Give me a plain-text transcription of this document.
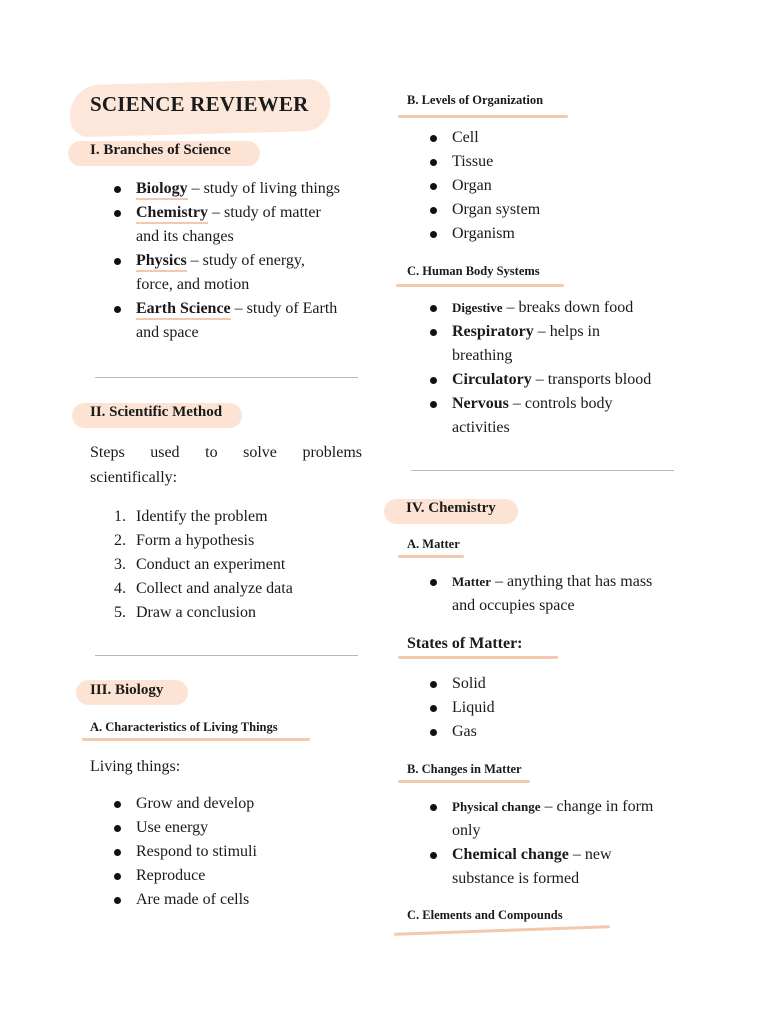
SCIENCE REVIEWER
I. Branches of Science
Biology – study of living things
Chemistry – study of matter
and its changes
Physics – study of energy,
force, and motion
Earth Science – study of Earth
and space
II. Scientific Method
Steps used to solve problems
scientifically:
1. Identify the problem
2. Form a hypothesis
3. Conduct an experiment
4. Collect and analyze data
5. Draw a conclusion
III. Biology
A. Characteristics of Living Things
Living things:
Grow and develop
Use energy
Respond to stimuli
Reproduce
Are made of cells
B. Levels of Organization
Cell
Tissue
Organ
Organ system
Organism
C. Human Body Systems
Digestive – breaks down food
Respiratory – helps in
breathing
Circulatory – transports blood
Nervous – controls body
activities
IV. Chemistry
A. Matter
Matter – anything that has mass
and occupies space
States of Matter:
Solid
Liquid
Gas
B. Changes in Matter
Physical change – change in form
only
Chemical change – new
substance is formed
C. Elements and Compounds
